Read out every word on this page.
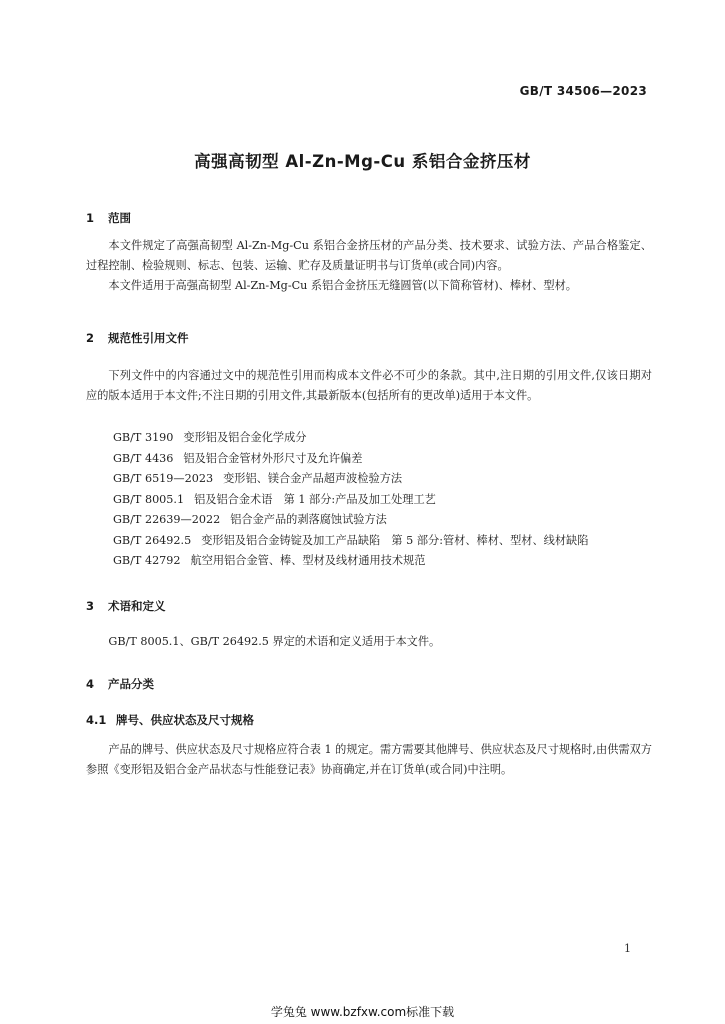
GB/T 34506—2023
高强高韧型 Al-Zn-Mg-Cu 系铝合金挤压材
1 范围

本文件规定了高强高韧型 Al-Zn-Mg-Cu 系铝合金挤压材的产品分类、技术要求、试验方法、产品合格鉴定、过程控制、检验规则、标志、包装、运输、贮存及质量证明书与订货单(或合同)内容。

本文件适用于高强高韧型 Al-Zn-Mg-Cu 系铝合金挤压无缝圆管(以下简称管材)、棒材、型材。

2 规范性引用文件

下列文件中的内容通过文中的规范性引用而构成本文件必不可少的条款。其中,注日期的引用文件,仅该日期对应的版本适用于本文件;不注日期的引用文件,其最新版本(包括所有的更改单)适用于本文件。

GB/T 3190 变形铝及铝合金化学成分
GB/T 4436 铝及铝合金管材外形尺寸及允许偏差
GB/T 6519—2023 变形铝、镁合金产品超声波检验方法
GB/T 8005.1 铝及铝合金术语　第 1 部分:产品及加工处理工艺
GB/T 22639—2022 铝合金产品的剥落腐蚀试验方法
GB/T 26492.5 变形铝及铝合金铸锭及加工产品缺陷　第 5 部分:管材、棒材、型材、线材缺陷
GB/T 42792 航空用铝合金管、棒、型材及线材通用技术规范
3 术语和定义

GB/T 8005.1、GB/T 26492.5 界定的术语和定义适用于本文件。

4 产品分类
4.1 牌号、供应状态及尺寸规格

产品的牌号、供应状态及尺寸规格应符合表 1 的规定。需方需要其他牌号、供应状态及尺寸规格时,由供需双方参照《变形铝及铝合金产品状态与性能登记表》协商确定,并在订货单(或合同)中注明。

1
学兔兔 www.bzfxw.com标准下载
